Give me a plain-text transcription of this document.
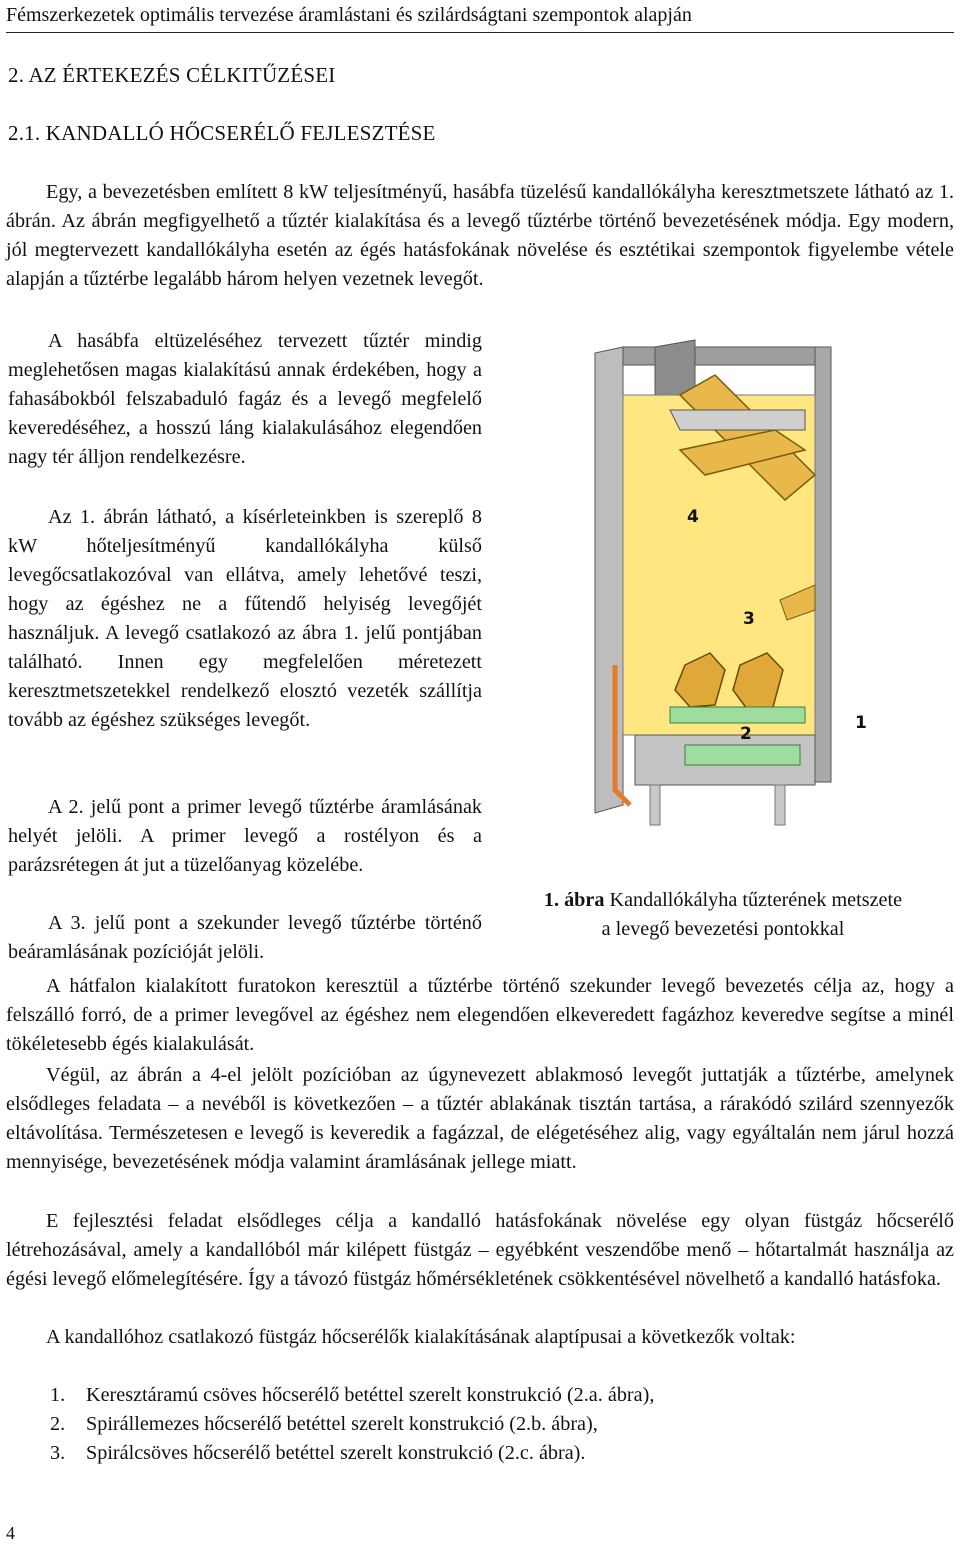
Fémszerkezetek optimális tervezése áramlástani és szilárdságtani szempontok alapján
2. AZ ÉRTEKEZÉS CÉLKITŰZÉSEI
2.1. KANDALLÓ HŐCSERÉLŐ FEJLESZTÉSE

Egy, a bevezetésben említett 8 kW teljesítményű, hasábfa tüzelésű kandallókályha keresztmetszete látható az 1. ábrán. Az ábrán megfigyelhető a tűztér kialakítása és a levegő tűztérbe történő bevezetésének módja. Egy modern, jól megtervezett kandallókályha esetén az égés hatásfokának növelése és esztétikai szempontok figyelembe vétele alapján a tűztérbe legalább három helyen vezetnek levegőt.

A hasábfa eltüzeléséhez tervezett tűztér mindig meglehetősen magas kialakítású annak érdekében, hogy a fahasábokból felszabaduló fagáz és a levegő megfelelő keveredéséhez, a hosszú láng kialakulásához elegendően nagy tér álljon rendelkezésre.

Az 1. ábrán látható, a kísérleteinkben is szereplő 8 kW hőteljesítményű kandallókályha külső levegőcsatlakozóval van ellátva, amely lehetővé teszi, hogy az égéshez ne a fűtendő helyiség levegőjét használjuk. A levegő csatlakozó az ábra 1. jelű pontjában található. Innen egy megfelelően méretezett keresztmetszetekkel rendelkező elosztó vezeték szállítja tovább az égéshez szükséges levegőt.

A 2. jelű pont a primer levegő tűztérbe áramlásának helyét jelöli. A primer levegő a rostélyon és a parázsrétegen át jut a tüzelőanyag közelébe.

A 3. jelű pont a szekunder levegő tűztérbe történő beáramlásának pozícióját jelöli.

4
3
2
1
1. ábra Kandallókályha tűzterének metszete
a levegő bevezetési pontokkal

A hátfalon kialakított furatokon keresztül a tűztérbe történő szekunder levegő bevezetés célja az, hogy a felszálló forró, de a primer levegővel az égéshez nem elegendően elkeveredett fagázhoz keveredve segítse a minél tökéletesebb égés kialakulását.

Végül, az ábrán a 4-el jelölt pozícióban az úgynevezett ablakmosó levegőt juttatják a tűztérbe, amelynek elsődleges feladata – a nevéből is következően – a tűztér ablakának tisztán tartása, a rárakódó szilárd szennyezők eltávolítása. Természetesen e levegő is keveredik a fagázzal, de elégetéséhez alig, vagy egyáltalán nem járul hozzá mennyisége, bevezetésének módja valamint áramlásának jellege miatt.

E fejlesztési feladat elsődleges célja a kandalló hatásfokának növelése egy olyan füstgáz hőcserélő létrehozásával, amely a kandallóból már kilépett füstgáz – egyébként veszendőbe menő – hőtartalmát használja az égési levegő előmelegítésére. Így a távozó füstgáz hőmérsékletének csökkentésével növelhető a kandalló hatásfoka.

A kandallóhoz csatlakozó füstgáz hőcserélők kialakításának alaptípusai a következők voltak:

1. Keresztáramú csöves hőcserélő betéttel szerelt konstrukció (2.a. ábra),
2. Spirállemezes hőcserélő betéttel szerelt konstrukció (2.b. ábra),
3. Spirálcsöves hőcserélő betéttel szerelt konstrukció (2.c. ábra).
4
